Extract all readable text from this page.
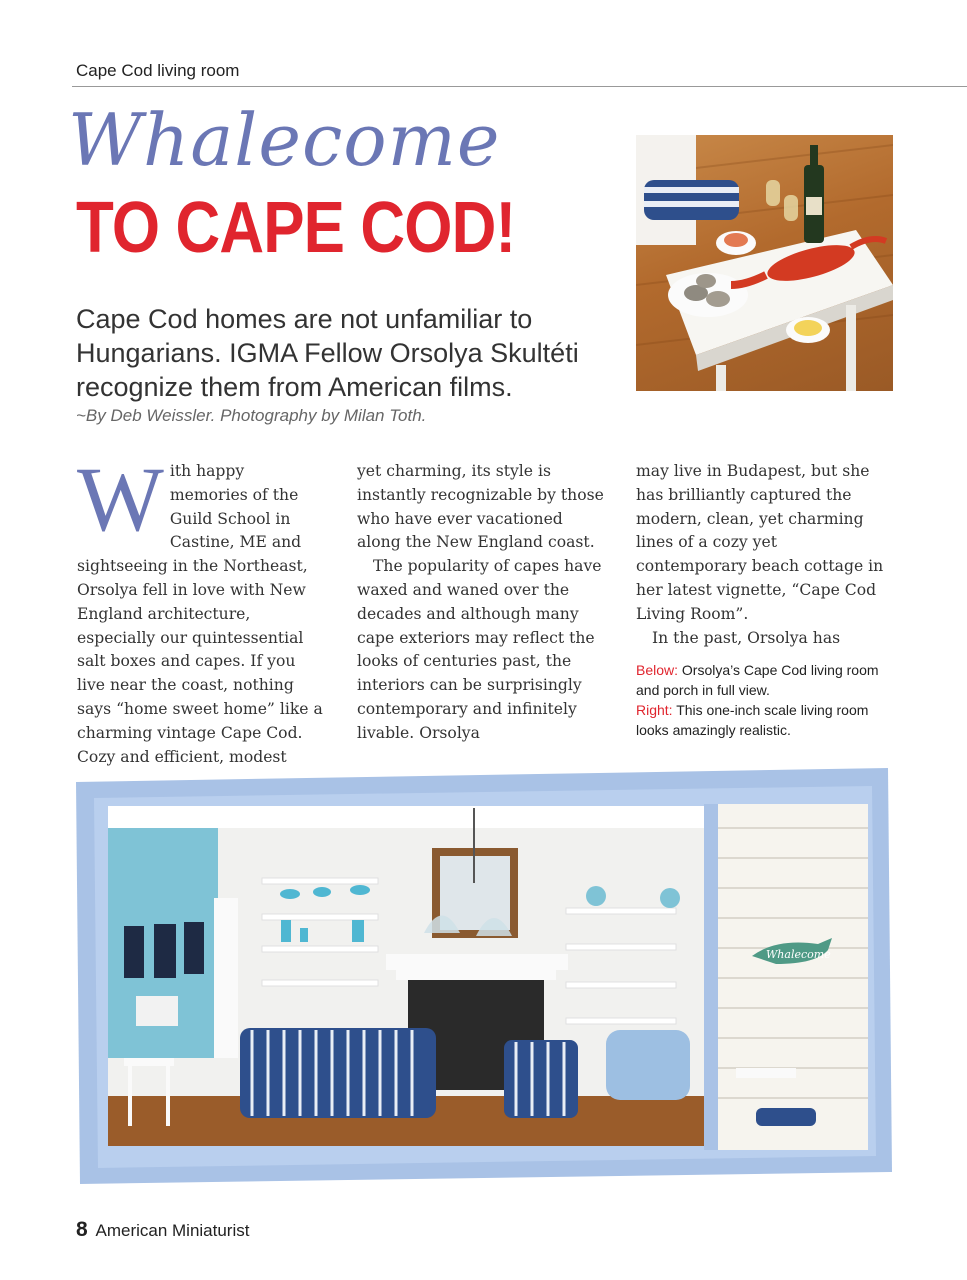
Cape Cod living room
Whalecome
TO CAPE COD!
Cape Cod homes are not unfamiliar to Hungarians. IGMA Fellow Orsolya Skultéti recognize them from American films.
~By Deb Weissler. Photography by Milan Toth.

W ith happy memories of the Guild School in Castine, ME and sightseeing in the Northeast, Orsolya fell in love with New England architecture, especially our quintessential salt boxes and capes. If you live near the coast, nothing says “home sweet home” like a charming vintage Cape Cod. Cozy and efficient, modest

yet charming, its style is instantly recognizable by those who have ever vacationed along the New England coast.

The popularity of capes have waxed and waned over the decades and although many cape exteriors may reflect the looks of centuries past, the interiors can be surprisingly contemporary and infinitely livable. Orsolya

may live in Budapest, but she has brilliantly captured the modern, clean, yet charming lines of a cozy yet contemporary beach cottage in her latest vignette, “Cape Cod Living Room”.

In the past, Orsolya has

Below: Orsolya’s Cape Cod living room and porch in full view.

Right: This one-inch scale living room looks amazingly realistic.

Whalecome
8 American Miniaturist
